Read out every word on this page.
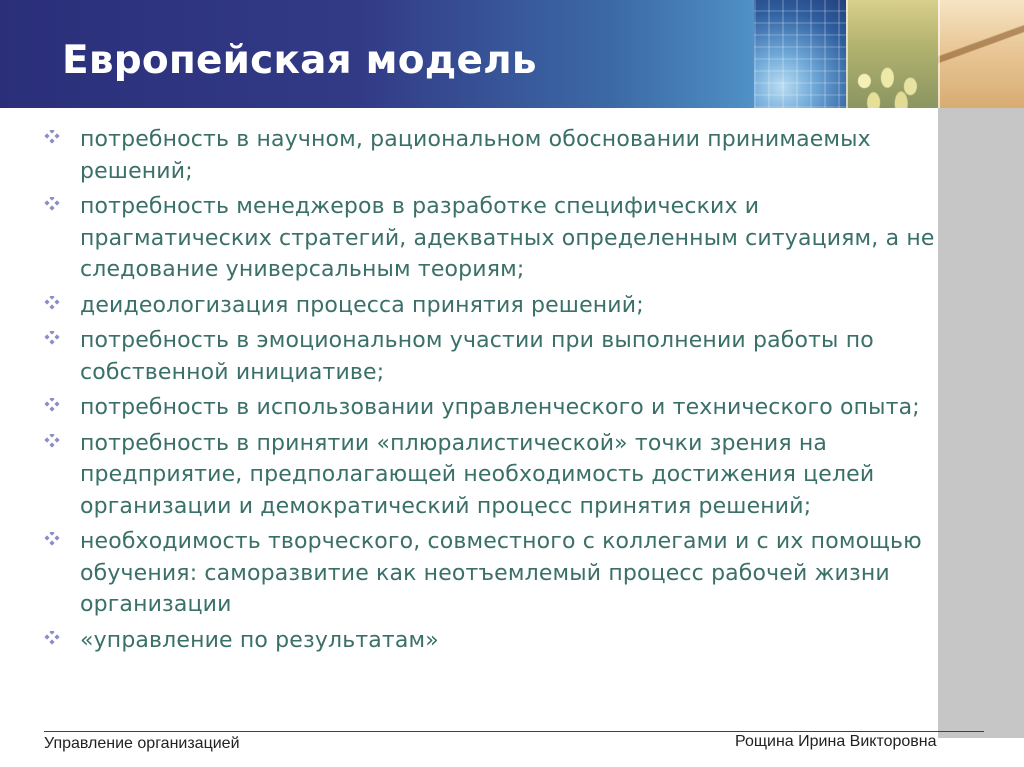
Европейская модель
потребность в научном, рациональном обосновании принимаемых решений;
потребность менеджеров в разработке специфических и прагматических стратегий, адекватных определенным ситуациям, а не следование универсальным теориям;
деидеологизация процесса принятия решений;
потребность в эмоциональном участии при выполнении работы по собственной инициативе;
потребность в использовании управленческого и технического опыта;
потребность в принятии «плюралистической» точки зрения на предприятие, предполагающей необходимость достижения целей организации и демократический процесс принятия решений;
необходимость творческого, совместного с коллегами и с их помощью обучения: саморазвитие как неотъемлемый процесс рабочей жизни организации
«управление по результатам»
Управление организацией	Рощина Ирина Викторовна
